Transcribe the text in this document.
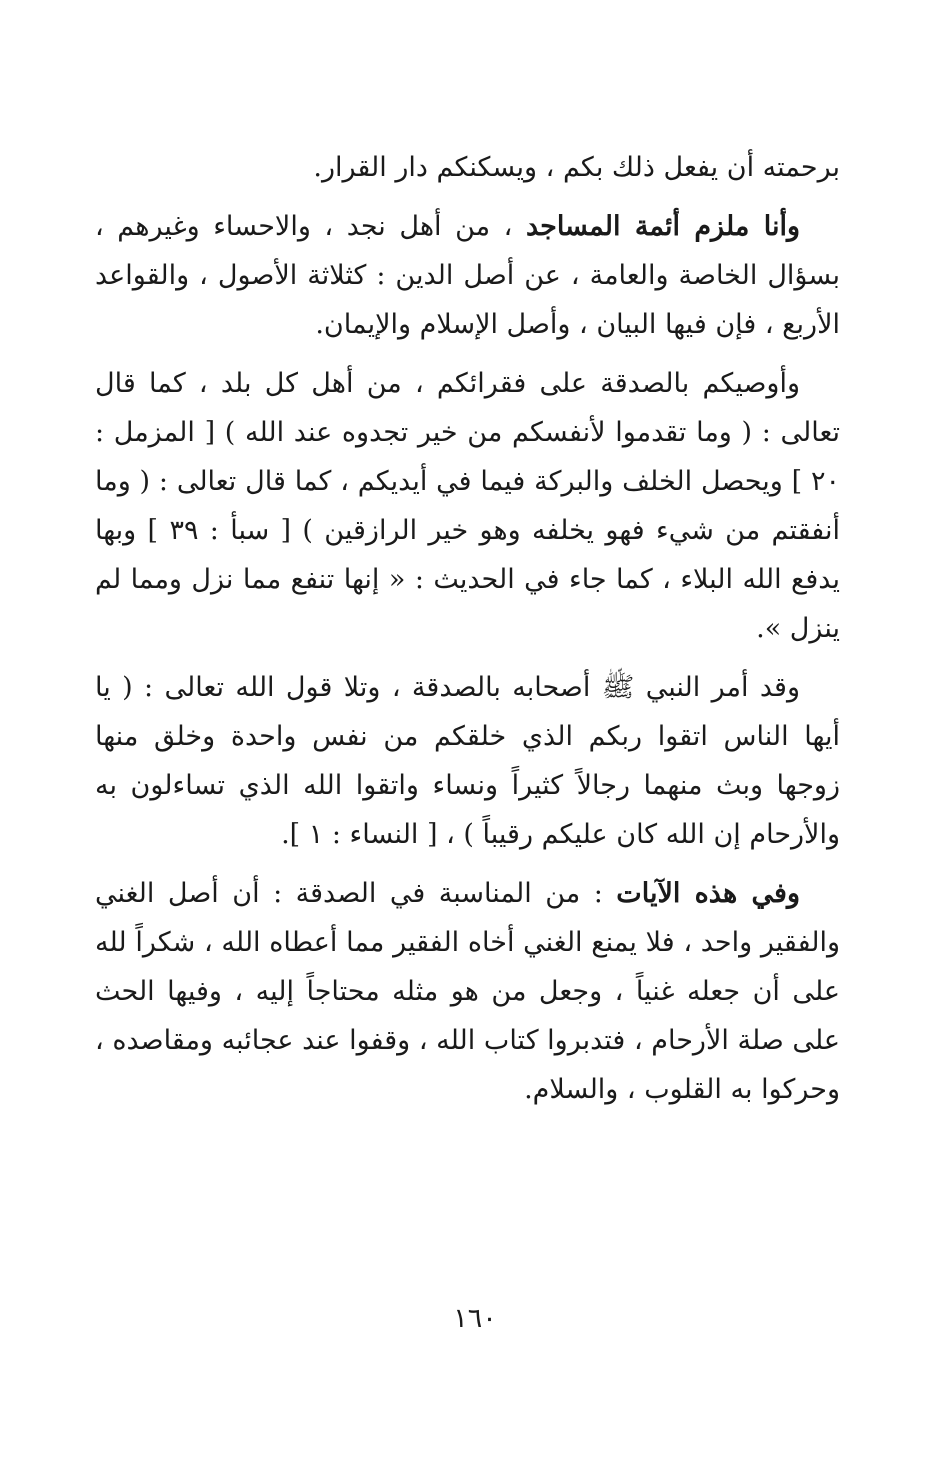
برحمته أن يفعل ذلك بكم ، ويسكنكم دار القرار.

وأنا ملزم أئمة المساجد ، من أهل نجد ، والاحساء وغيرهم ، بسؤال الخاصة والعامة ، عن أصل الدين : كثلاثة الأصول ، والقواعد الأربع ، فإن فيها البيان ، وأصل الإسلام والإيمان.

وأوصيكم بالصدقة على فقرائكم ، من أهل كل بلد ، كما قال تعالى : ( وما تقدموا لأنفسكم من خير تجدوه عند الله ) [ المزمل : ٢٠ ] ويحصل الخلف والبركة فيما في أيديكم ، كما قال تعالى : ( وما أنفقتم من شيء فهو يخلفه وهو خير الرازقين ) [ سبأ : ٣٩ ] وبها يدفع الله البلاء ، كما جاء في الحديث : « إنها تنفع مما نزل ومما لم ينزل ».

وقد أمر النبي ﷺ أصحابه بالصدقة ، وتلا قول الله تعالى : ( يا أيها الناس اتقوا ربكم الذي خلقكم من نفس واحدة وخلق منها زوجها وبث منهما رجالاً كثيراً ونساء واتقوا الله الذي تساءلون به والأرحام إن الله كان عليكم رقيباً ) ، [ النساء : ١ ].

وفي هذه الآيات : من المناسبة في الصدقة : أن أصل الغني والفقير واحد ، فلا يمنع الغني أخاه الفقير مما أعطاه الله ، شكراً لله على أن جعله غنياً ، وجعل من هو مثله محتاجاً إليه ، وفيها الحث على صلة الأرحام ، فتدبروا كتاب الله ، وقفوا عند عجائبه ومقاصده ، وحركوا به القلوب ، والسلام.

١٦٠
